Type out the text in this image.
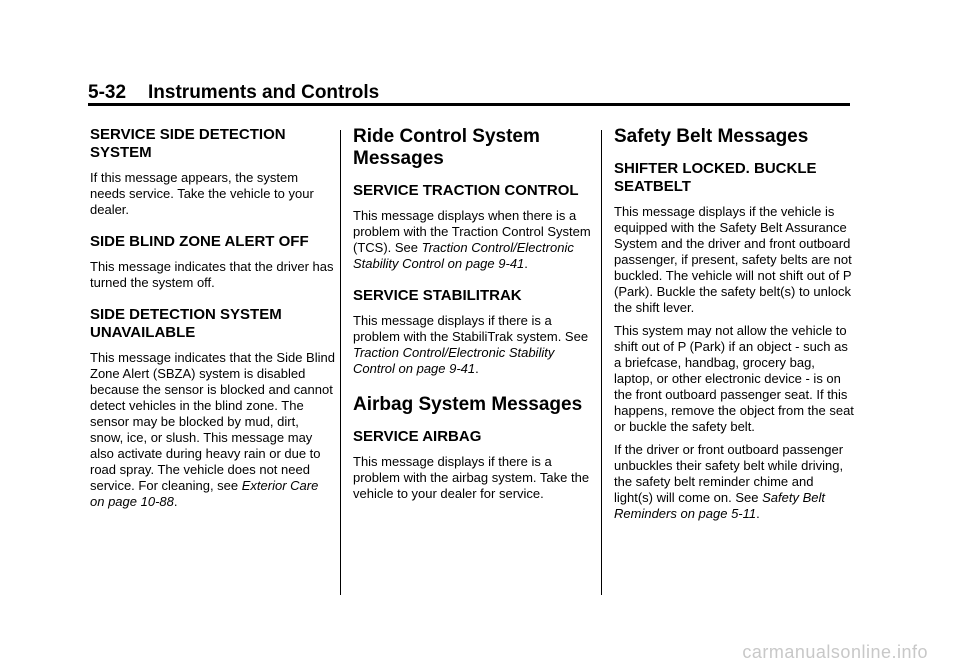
5-32 Instruments and Controls
SERVICE SIDE DETECTION SYSTEM
If this message appears, the system needs service. Take the vehicle to your dealer.
SIDE BLIND ZONE ALERT OFF
This message indicates that the driver has turned the system off.
SIDE DETECTION SYSTEM UNAVAILABLE
This message indicates that the Side Blind Zone Alert (SBZA) system is disabled because the sensor is blocked and cannot detect vehicles in the blind zone. The sensor may be blocked by mud, dirt, snow, ice, or slush. This message may also activate during heavy rain or due to road spray. The vehicle does not need service. For cleaning, see Exterior Care on page 10-88.
Ride Control System Messages
SERVICE TRACTION CONTROL
This message displays when there is a problem with the Traction Control System (TCS). See Traction Control/Electronic Stability Control on page 9-41.
SERVICE STABILITRAK
This message displays if there is a problem with the StabiliTrak system. See Traction Control/Electronic Stability Control on page 9-41.
Airbag System Messages
SERVICE AIRBAG
This message displays if there is a problem with the airbag system. Take the vehicle to your dealer for service.
Safety Belt Messages
SHIFTER LOCKED. BUCKLE SEATBELT
This message displays if the vehicle is equipped with the Safety Belt Assurance System and the driver and front outboard passenger, if present, safety belts are not buckled. The vehicle will not shift out of P (Park). Buckle the safety belt(s) to unlock the shift lever.
This system may not allow the vehicle to shift out of P (Park) if an object - such as a briefcase, handbag, grocery bag, laptop, or other electronic device - is on the front outboard passenger seat. If this happens, remove the object from the seat or buckle the safety belt.
If the driver or front outboard passenger unbuckles their safety belt while driving, the safety belt reminder chime and light(s) will come on. See Safety Belt Reminders on page 5-11.
carmanualsonline.info
